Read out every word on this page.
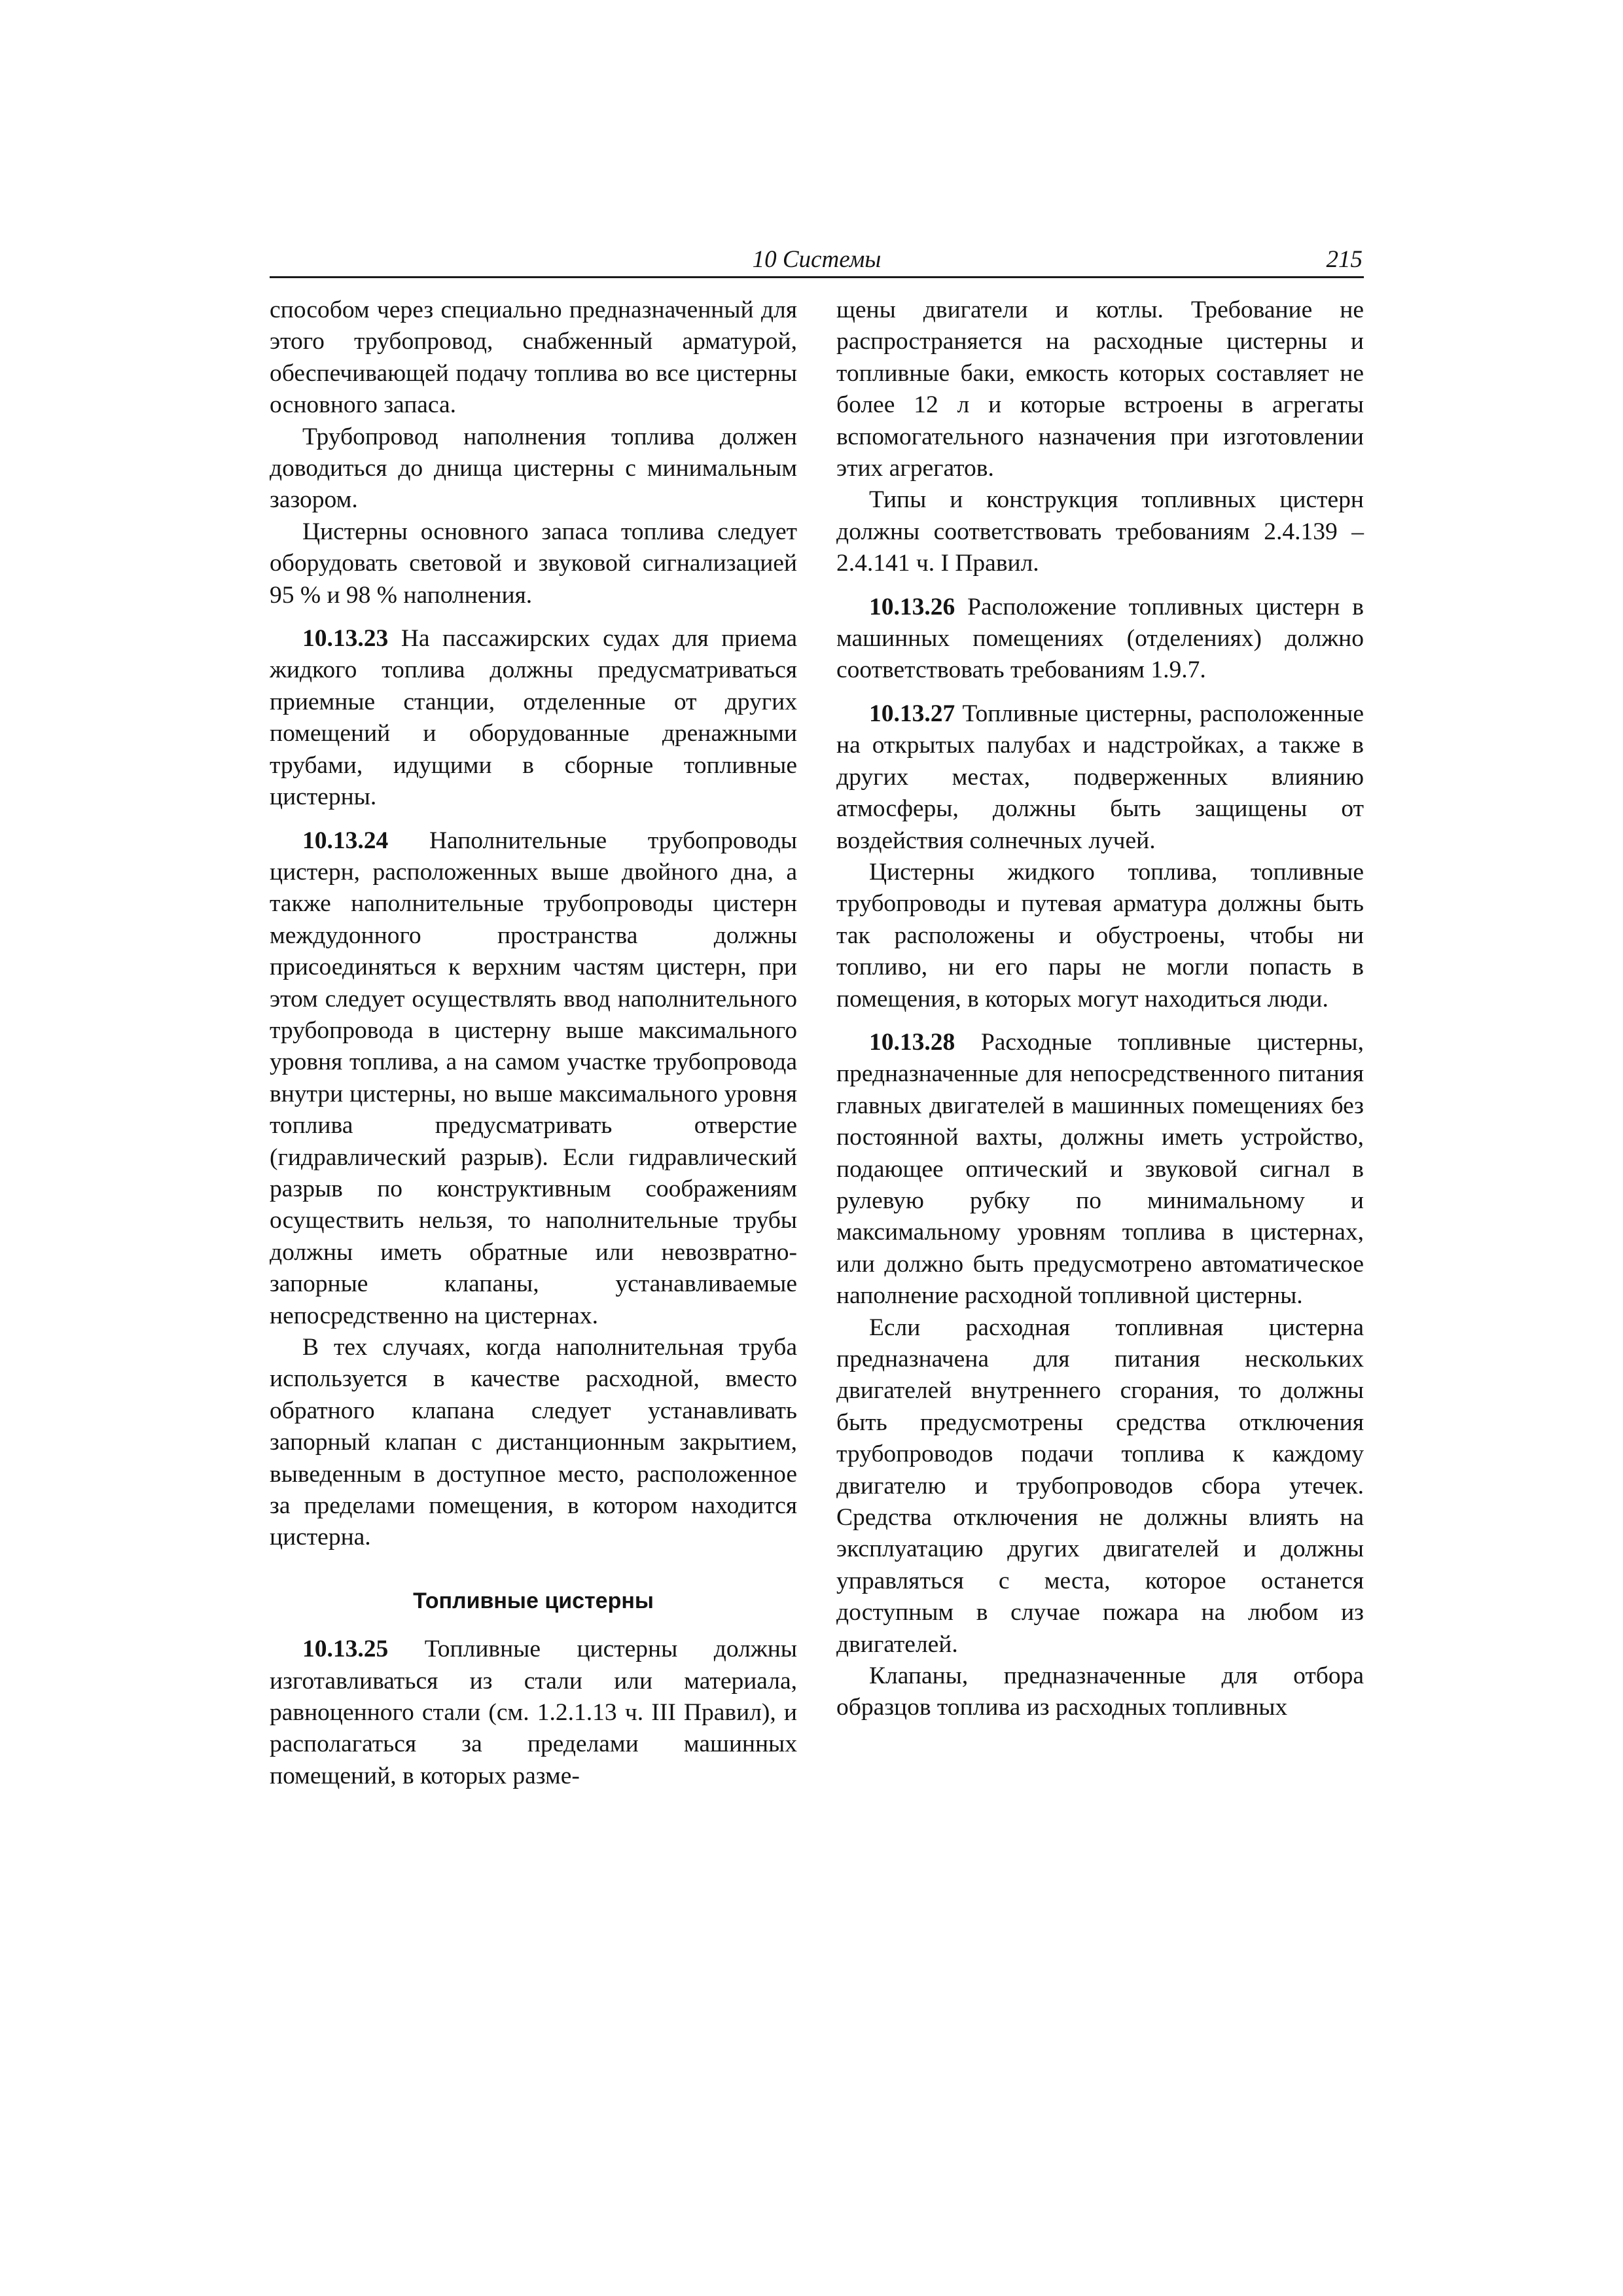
10 Системы	215

способом через специально предназначенный для этого трубопровод, снабженный арматурой, обеспечивающей подачу топлива во все цистерны основного запаса.

Трубопровод наполнения топлива должен доводиться до днища цистерны с минимальным зазором.

Цистерны основного запаса топлива следует оборудовать световой и звуковой сигнализацией 95 % и 98 % наполнения.

10.13.23 На пассажирских судах для приема жидкого топлива должны предусматриваться приемные станции, отделенные от других помещений и оборудованные дренажными трубами, идущими в сборные топливные цистерны.

10.13.24 Наполнительные трубопроводы цистерн, расположенных выше двойного дна, а также наполнительные трубопроводы цистерн междудонного пространства должны присоединяться к верхним частям цистерн, при этом следует осуществлять ввод наполнительного трубопровода в цистерну выше максимального уровня топлива, а на самом участке трубопровода внутри цистерны, но выше максимального уровня топлива предусматривать отверстие (гидравлический разрыв). Если гидравлический разрыв по конструктивным соображениям осуществить нельзя, то наполнительные трубы должны иметь обратные или невозвратно-запорные клапаны, устанавливаемые непосредственно на цистернах.

В тех случаях, когда наполнительная труба используется в качестве расходной, вместо обратного клапана следует устанавливать запорный клапан с дистанционным закрытием, выведенным в доступное место, расположенное за пределами помещения, в котором находится цистерна.

Топливные цистерны

10.13.25 Топливные цистерны должны изготавливаться из стали или материала, равноценного стали (см. 1.2.1.13 ч. III Правил), и располагаться за пределами машинных помещений, в которых разме-

щены двигатели и котлы. Требование не распространяется на расходные цистерны и топливные баки, емкость которых составляет не более 12 л и которые встроены в агрегаты вспомогательного назначения при изготовлении этих агрегатов.

Типы и конструкция топливных цистерн должны соответствовать требованиям 2.4.139 – 2.4.141 ч. I Правил.

10.13.26 Расположение топливных цистерн в машинных помещениях (отделениях) должно соответствовать требованиям 1.9.7.

10.13.27 Топливные цистерны, расположенные на открытых палубах и надстройках, а также в других местах, подверженных влиянию атмосферы, должны быть защищены от воздействия солнечных лучей.

Цистерны жидкого топлива, топливные трубопроводы и путевая арматура должны быть так расположены и обустроены, чтобы ни топливо, ни его пары не могли попасть в помещения, в которых могут находиться люди.

10.13.28 Расходные топливные цистерны, предназначенные для непосредственного питания главных двигателей в машинных помещениях без постоянной вахты, должны иметь устройство, подающее оптический и звуковой сигнал в рулевую рубку по минимальному и максимальному уровням топлива в цистернах, или должно быть предусмотрено автоматическое наполнение расходной топливной цистерны.

Если расходная топливная цистерна предназначена для питания нескольких двигателей внутреннего сгорания, то должны быть предусмотрены средства отключения трубопроводов подачи топлива к каждому двигателю и трубопроводов сбора утечек. Средства отключения не должны влиять на эксплуатацию других двигателей и должны управляться с места, которое останется доступным в случае пожара на любом из двигателей.

Клапаны, предназначенные для отбора образцов топлива из расходных топливных
